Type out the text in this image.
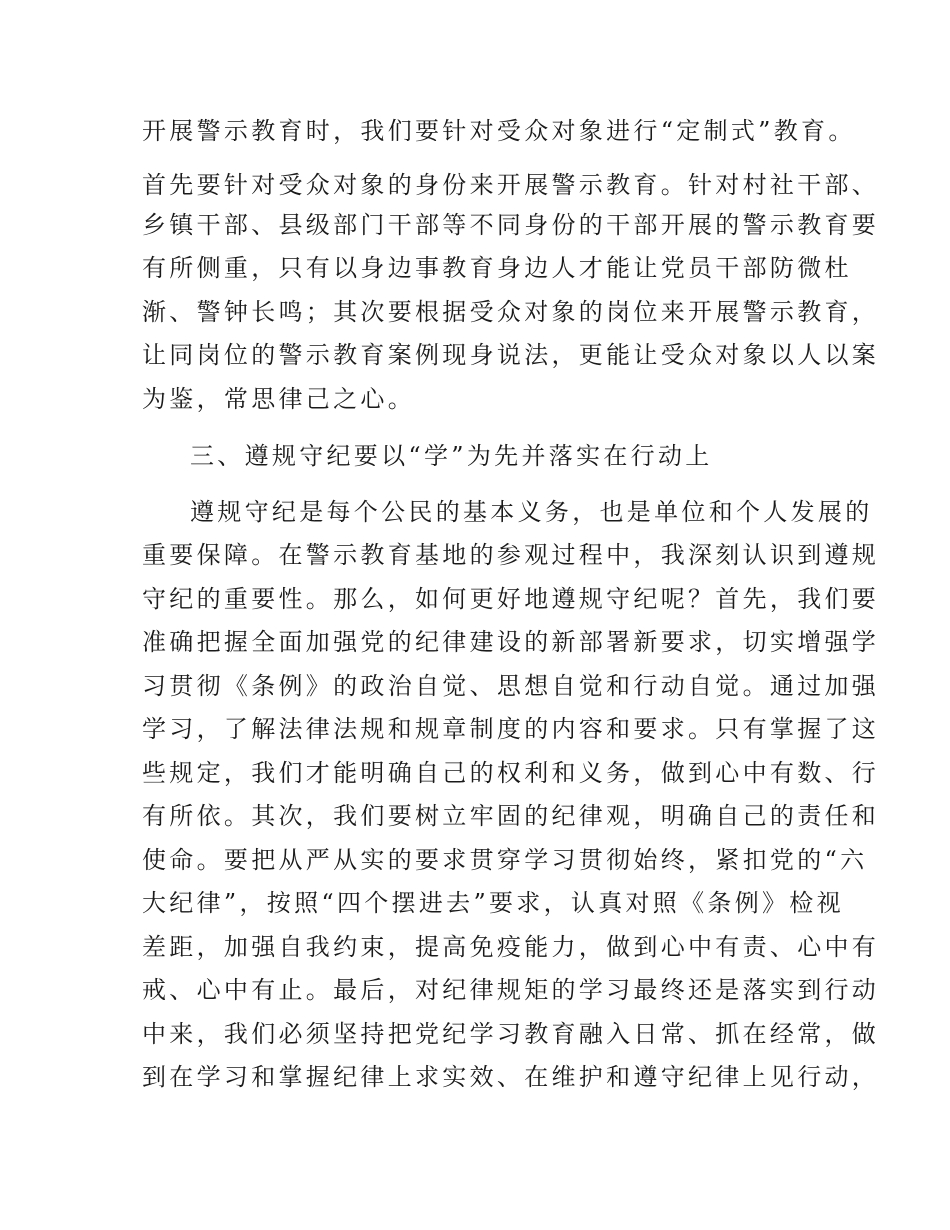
开展警示教育时，我们要针对受众对象进行“定制式”教育。

首先要针对受众对象的身份来开展警示教育。针对村社干部、

乡镇干部、县级部门干部等不同身份的干部开展的警示教育要

有所侧重，只有以身边事教育身边人才能让党员干部防微杜

渐、警钟长鸣；其次要根据受众对象的岗位来开展警示教育，

让同岗位的警示教育案例现身说法，更能让受众对象以人以案

为鉴，常思律己之心。

三、遵规守纪要以“学”为先并落实在行动上

遵规守纪是每个公民的基本义务，也是单位和个人发展的

重要保障。在警示教育基地的参观过程中，我深刻认识到遵规

守纪的重要性。那么，如何更好地遵规守纪呢？首先，我们要

准确把握全面加强党的纪律建设的新部署新要求，切实增强学

习贯彻《条例》的政治自觉、思想自觉和行动自觉。通过加强

学习，了解法律法规和规章制度的内容和要求。只有掌握了这

些规定，我们才能明确自己的权利和义务，做到心中有数、行

有所依。其次，我们要树立牢固的纪律观，明确自己的责任和

使命。要把从严从实的要求贯穿学习贯彻始终，紧扣党的“六

大纪律”，按照“四个摆进去”要求，认真对照《条例》检视

差距，加强自我约束，提高免疫能力，做到心中有责、心中有

戒、心中有止。最后，对纪律规矩的学习最终还是落实到行动

中来，我们必须坚持把党纪学习教育融入日常、抓在经常，做

到在学习和掌握纪律上求实效、在维护和遵守纪律上见行动，
